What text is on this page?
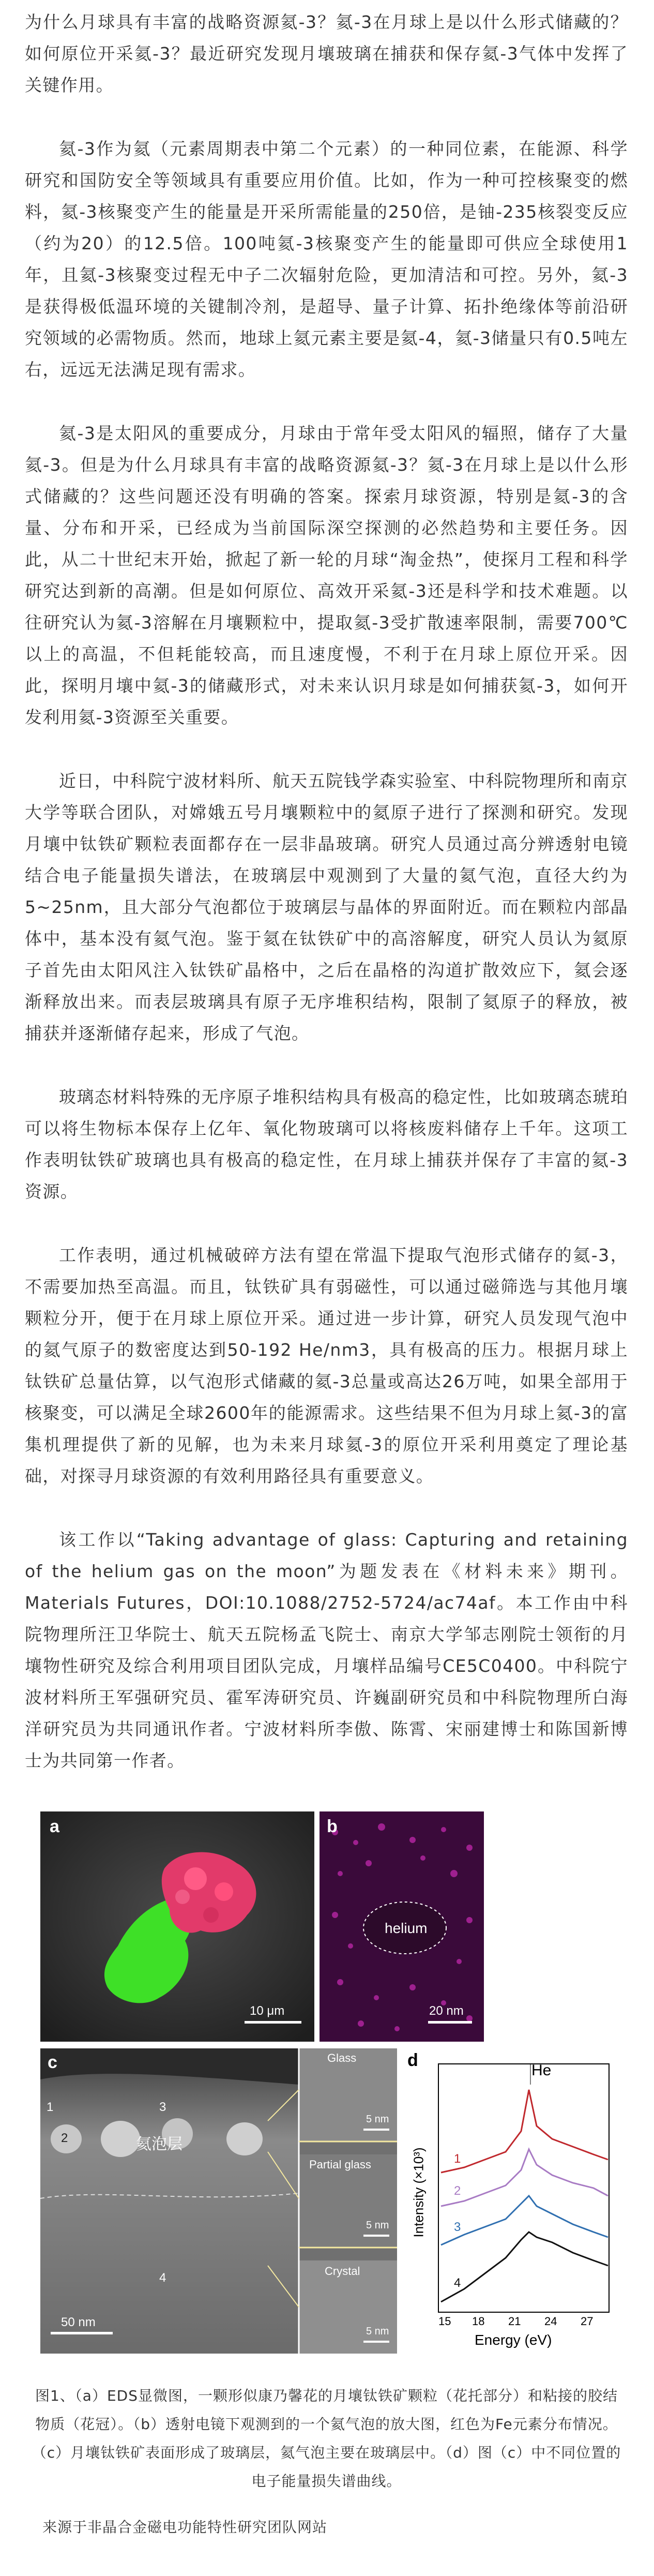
为什么月球具有丰富的战略资源氦-3？氦-3在月球上是以什么形式储藏的？如何原位开采氦-3？最近研究发现月壤玻璃在捕获和保存氦-3气体中发挥了关键作用。

氦-3作为氦（元素周期表中第二个元素）的一种同位素，在能源、科学研究和国防安全等领域具有重要应用价值。比如，作为一种可控核聚变的燃料，氦-3核聚变产生的能量是开采所需能量的250倍，是铀-235核裂变反应（约为20）的12.5倍。100吨氦-3核聚变产生的能量即可供应全球使用1年，且氦-3核聚变过程无中子二次辐射危险，更加清洁和可控。另外，氦-3是获得极低温环境的关键制冷剂，是超导、量子计算、拓扑绝缘体等前沿研究领域的必需物质。然而，地球上氦元素主要是氦-4，氦-3储量只有0.5吨左右，远远无法满足现有需求。

氦-3是太阳风的重要成分，月球由于常年受太阳风的辐照，储存了大量氦-3。但是为什么月球具有丰富的战略资源氦-3？氦-3在月球上是以什么形式储藏的？这些问题还没有明确的答案。探索月球资源，特别是氦-3的含量、分布和开采，已经成为当前国际深空探测的必然趋势和主要任务。因此，从二十世纪末开始，掀起了新一轮的月球“淘金热”，使探月工程和科学研究达到新的高潮。但是如何原位、高效开采氦-3还是科学和技术难题。以往研究认为氦-3溶解在月壤颗粒中，提取氦-3受扩散速率限制，需要700℃以上的高温，不但耗能较高，而且速度慢，不利于在月球上原位开采。因此，探明月壤中氦-3的储藏形式，对未来认识月球是如何捕获氦-3，如何开发利用氦-3资源至关重要。

近日，中科院宁波材料所、航天五院钱学森实验室、中科院物理所和南京大学等联合团队，对嫦娥五号月壤颗粒中的氦原子进行了探测和研究。发现月壤中钛铁矿颗粒表面都存在一层非晶玻璃。研究人员通过高分辨透射电镜结合电子能量损失谱法，在玻璃层中观测到了大量的氦气泡，直径大约为5~25nm，且大部分气泡都位于玻璃层与晶体的界面附近。而在颗粒内部晶体中，基本没有氦气泡。鉴于氦在钛铁矿中的高溶解度，研究人员认为氦原子首先由太阳风注入钛铁矿晶格中，之后在晶格的沟道扩散效应下，氦会逐渐释放出来。而表层玻璃具有原子无序堆积结构，限制了氦原子的释放，被捕获并逐渐储存起来，形成了气泡。

玻璃态材料特殊的无序原子堆积结构具有极高的稳定性，比如玻璃态琥珀可以将生物标本保存上亿年、氧化物玻璃可以将核废料储存上千年。这项工作表明钛铁矿玻璃也具有极高的稳定性，在月球上捕获并保存了丰富的氦-3资源。

工作表明，通过机械破碎方法有望在常温下提取气泡形式储存的氦-3，不需要加热至高温。而且，钛铁矿具有弱磁性，可以通过磁筛选与其他月壤颗粒分开，便于在月球上原位开采。通过进一步计算，研究人员发现气泡中的氦气原子的数密度达到50-192 He/nm3，具有极高的压力。根据月球上钛铁矿总量估算，以气泡形式储藏的氦-3总量或高达26万吨，如果全部用于核聚变，可以满足全球2600年的能源需求。这些结果不但为月球上氦-3的富集机理提供了新的见解，也为未来月球氦-3的原位开采利用奠定了理论基础，对探寻月球资源的有效利用路径具有重要意义。

该工作以“Taking advantage of glass: Capturing and retaining of the helium gas on the moon”为题发表在《材料未来》期刊。Materials Futures，DOI:10.1088/2752-5724/ac74af。本工作由中科院物理所汪卫华院士、航天五院杨孟飞院士、南京大学邹志刚院士领衔的月壤物性研究及综合利用项目团队完成，月壤样品编号CE5C0400。中科院宁波材料所王军强研究员、霍军涛研究员、许巍副研究员和中科院物理所白海洋研究员为共同通讯作者。宁波材料所李傲、陈霄、宋丽建博士和陈国新博士为共同第一作者。

a
10 μm
b
helium
20 nm
c
1
2
3
4
氦泡层
50 nm
Glass
Partial glass
Crystal
5 nm
5 nm
5 nm
d
He
Intensity (×10³)
Energy (eV)
15 18 21 24 27
1
2
3
4

图1、（a）EDS显微图，一颗形似康乃馨花的月壤钛铁矿颗粒（花托部分）和粘接的胶结物质（花冠）。（b）透射电镜下观测到的一个氦气泡的放大图，红色为Fe元素分布情况。（c）月壤钛铁矿表面形成了玻璃层，氦气泡主要在玻璃层中。（d）图（c）中不同位置的电子能量损失谱曲线。

来源于非晶合金磁电功能特性研究团队网站
